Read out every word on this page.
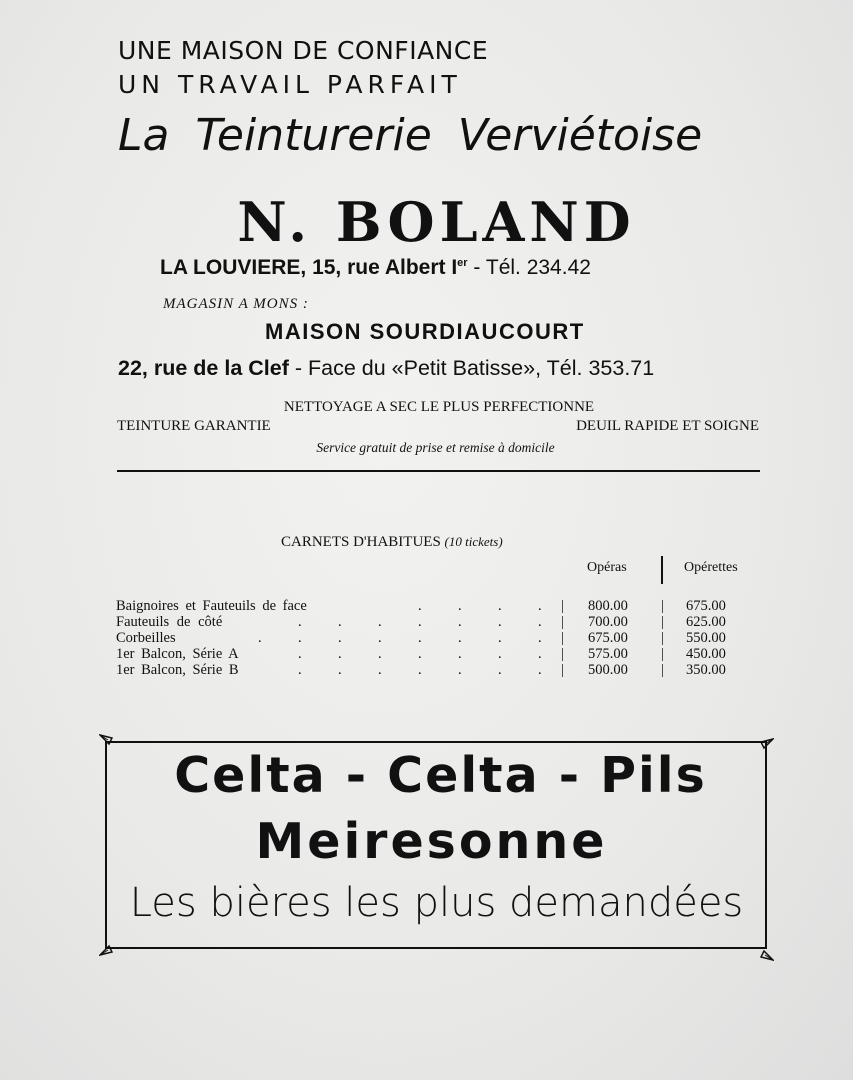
UNE MAISON DE CONFIANCE
UN TRAVAIL PARFAIT
La Teinturerie Verviétoise
N. BOLAND
LA LOUVIERE, 15, rue Albert Ier - Tél. 234.42
MAGASIN A MONS :
MAISON SOURDIAUCOURT
22, rue de la Clef - Face du «Petit Batisse», Tél. 353.71
NETTOYAGE A SEC LE PLUS PERFECTIONNE
TEINTURE GARANTIE	DEUIL RAPIDE ET SOIGNE
Service gratuit de prise et remise à domicile
CARNETS D'HABITUES (10 tickets)
Opéras	Opérettes
Baignoires et Fauteuils de face	.	.	.	. | 800.00 | 675.00
Fauteuils de côté	.	.	.	.	.	.	. | 700.00 | 625.00
Corbeilles	.	.	.	.	.	.	.	. | 675.00 | 550.00
1er Balcon, Série A	.	.	.	.	.	.	. | 575.00 | 450.00
1er Balcon, Série B	.	.	.	.	.	.	. | 500.00 | 350.00
Celta - Celta - Pils
Meiresonne
Les bières les plus demandées
